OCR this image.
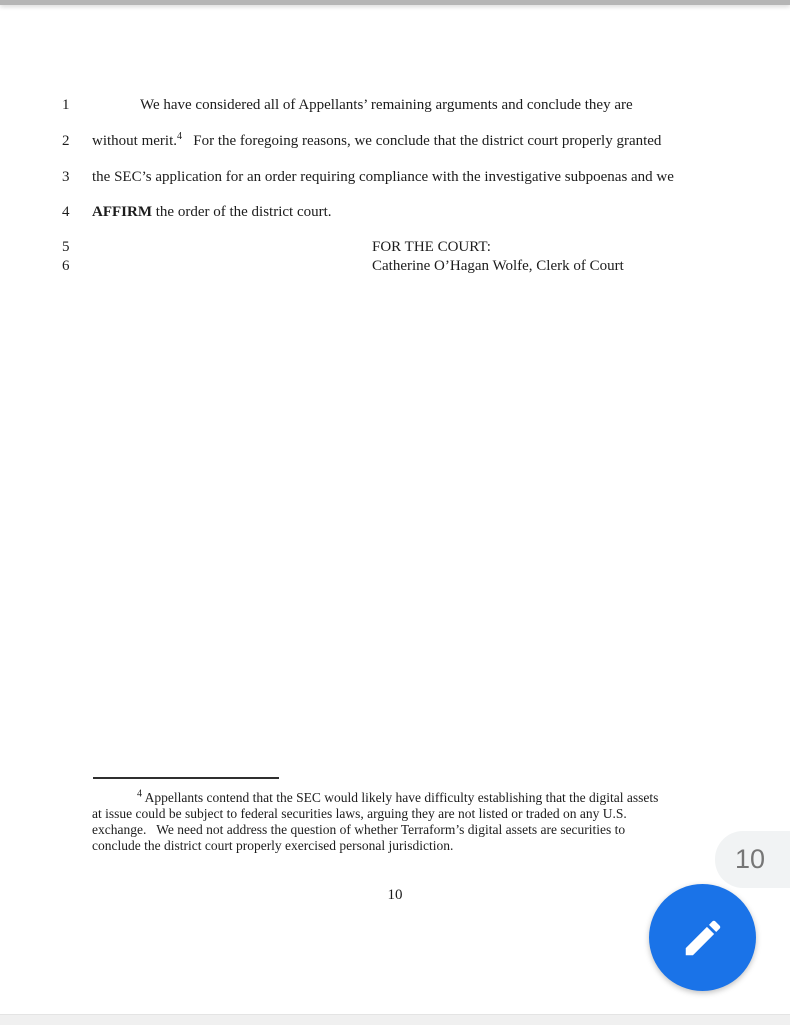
1
2
3
4
5
6
We have considered all of Appellants’ remaining arguments and conclude they are
without merit.$^4$   For the foregoing reasons, we conclude that the district court properly granted
the SEC’s application for an order requiring compliance with the investigative subpoenas and we
AFFIRM the order of the district court.
FOR THE COURT:
Catherine O’Hagan Wolfe, Clerk of Court
$^4$ Appellants contend that the SEC would likely have difficulty establishing that the digital assets
at issue could be subject to federal securities laws, arguing they are not listed or traded on any U.S.
exchange.   We need not address the question of whether Terraform’s digital assets are securities to
conclude the district court properly exercised personal jurisdiction.
10
10
